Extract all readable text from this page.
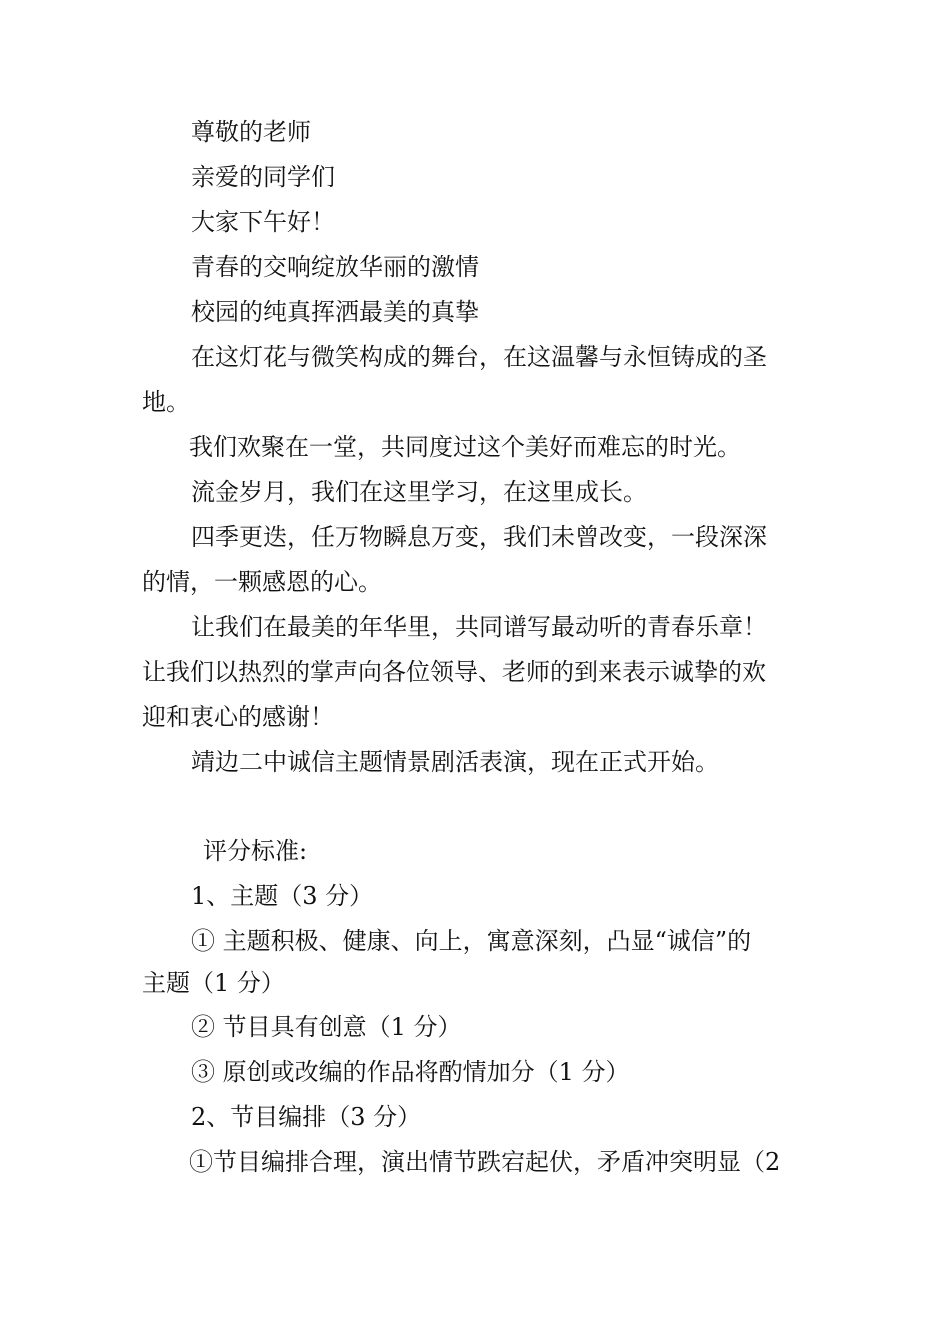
尊敬的老师
亲爱的同学们
大家下午好！
青春的交响绽放华丽的激情
校园的纯真挥洒最美的真挚
在这灯花与微笑构成的舞台，在这温馨与永恒铸成的圣
地。
我们欢聚在一堂，共同度过这个美好而难忘的时光。
流金岁月，我们在这里学习，在这里成长。
四季更迭，任万物瞬息万变，我们未曾改变，一段深深
的情，一颗感恩的心。
让我们在最美的年华里，共同谱写最动听的青春乐章！
让我们以热烈的掌声向各位领导、老师的到来表示诚挚的欢
迎和衷心的感谢！
靖边二中诚信主题情景剧活表演，现在正式开始。
评分标准:
1、主题（3 分）
① 主题积极、健康、向上，寓意深刻，凸显“诚信”的
主题（1 分）
② 节目具有创意（1 分）
③ 原创或改编的作品将酌情加分（1 分）
2、节目编排（3 分）
①节目编排合理，演出情节跌宕起伏，矛盾冲突明显（2
